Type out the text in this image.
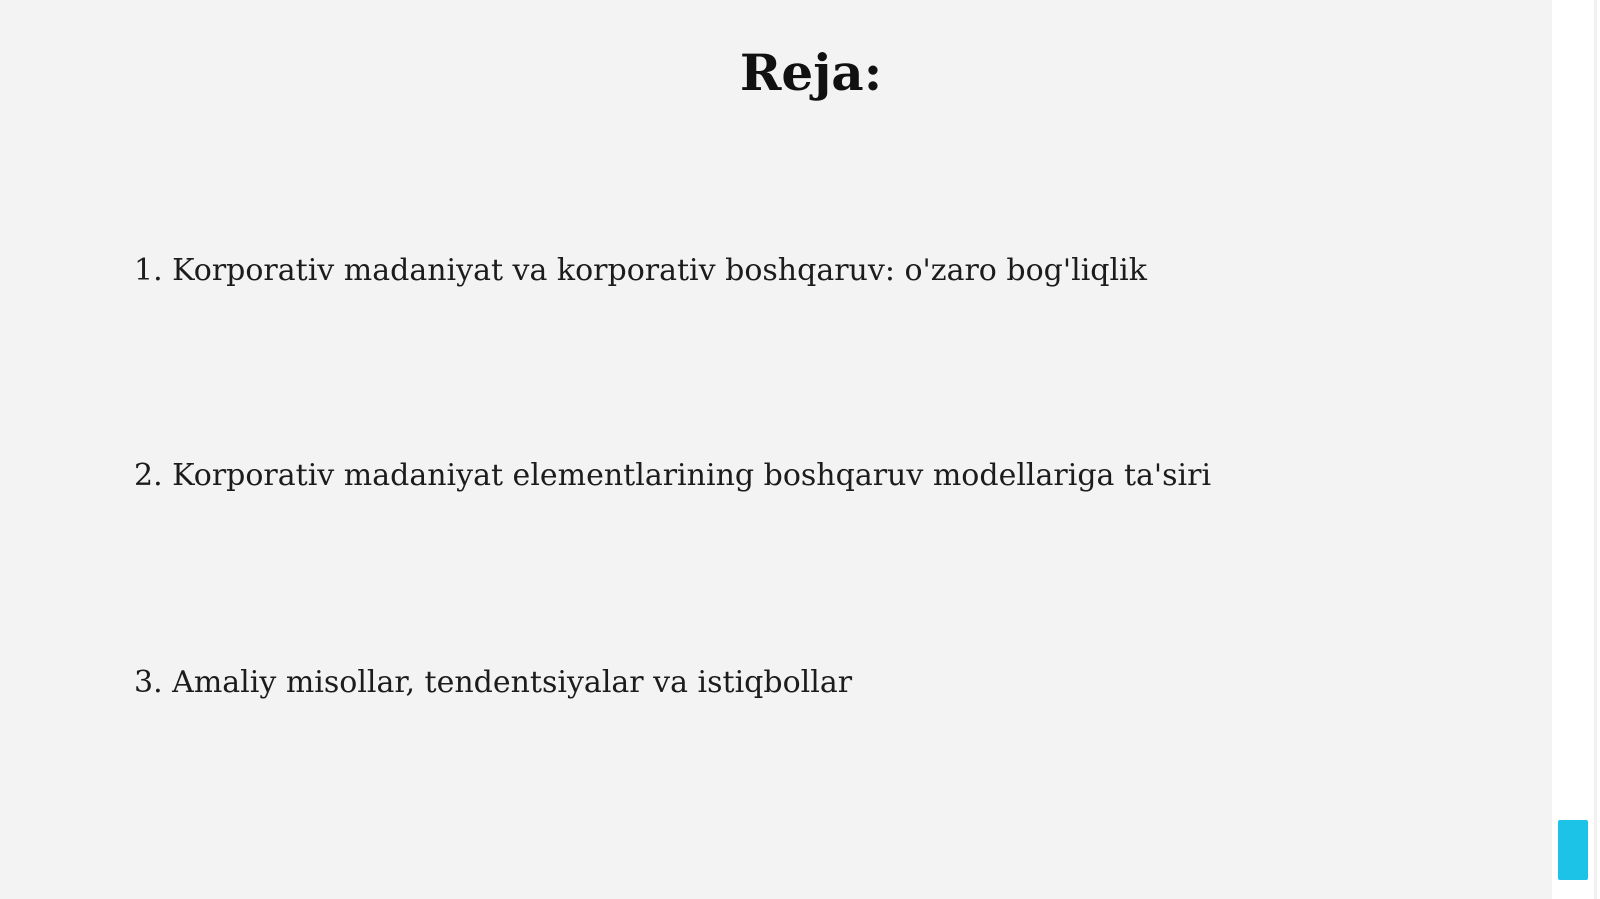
Reja:
1. Korporativ madaniyat va korporativ boshqaruv: o'zaro bog'liqlik
2. Korporativ madaniyat elementlarining boshqaruv modellariga ta'siri
3. Amaliy misollar, tendentsiyalar va istiqbollar
